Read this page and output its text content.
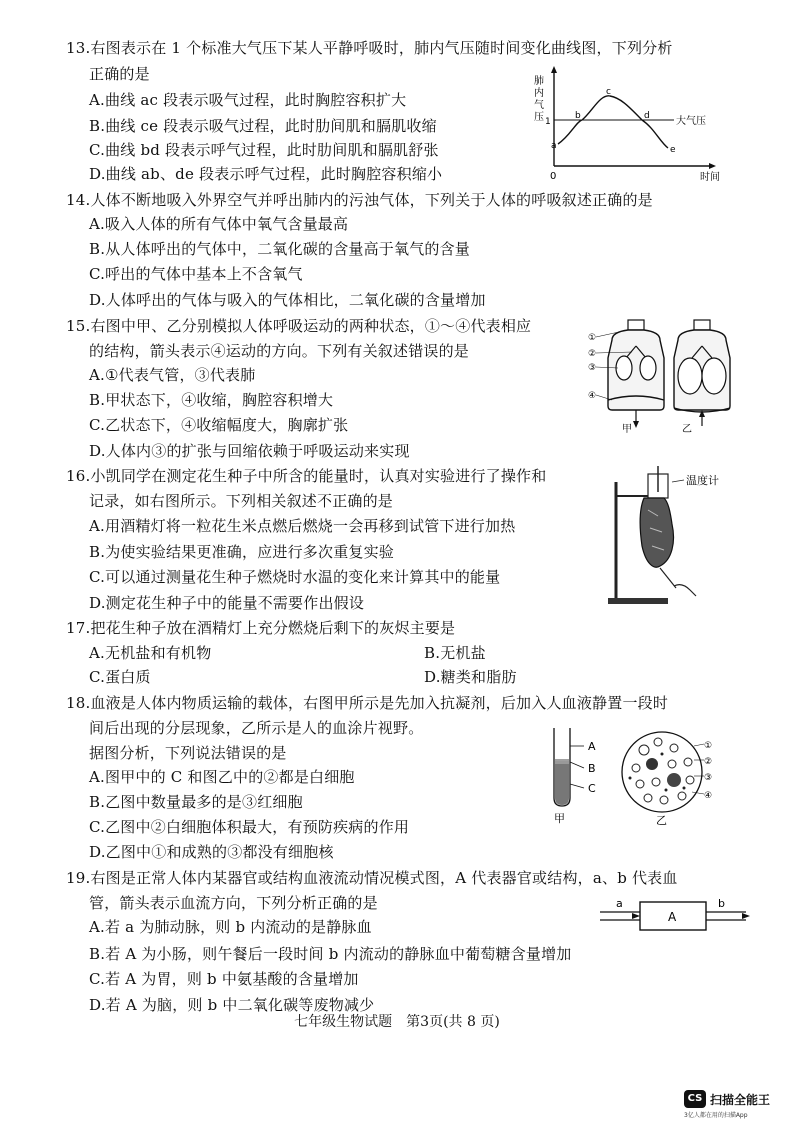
13.右图表示在 1 个标准大气压下某人平静呼吸时，肺内气压随时间变化曲线图，下列分析
正确的是
A.曲线 ac 段表示吸气过程，此时胸腔容积扩大
B.曲线 ce 段表示吸气过程，此时肋间肌和膈肌收缩
C.曲线 bd 段表示呼气过程，此时肋间肌和膈肌舒张
D.曲线 ab、de 段表示呼气过程，此时胸腔容积缩小
肺
内
气
压 1
a
b
c
d
e
大气压
0	时间
14.人体不断地吸入外界空气并呼出肺内的污浊气体，下列关于人体的呼吸叙述正确的是
A.吸入人体的所有气体中氧气含量最高
B.从人体呼出的气体中，二氧化碳的含量高于氧气的含量
C.呼出的气体中基本上不含氧气
D.人体呼出的气体与吸入的气体相比，二氧化碳的含量增加
15.右图中甲、乙分别模拟人体呼吸运动的两种状态，①～④代表相应
的结构，箭头表示④运动的方向。下列有关叙述错误的是
A.①代表气管，③代表肺
B.甲状态下，④收缩，胸腔容积增大
C.乙状态下，④收缩幅度大，胸廓扩张
D.人体内③的扩张与回缩依赖于呼吸运动来实现
①
②
③
④
甲	乙
16.小凯同学在测定花生种子中所含的能量时，认真对实验进行了操作和
记录，如右图所示。下列相关叙述不正确的是
A.用酒精灯将一粒花生米点燃后燃烧一会再移到试管下进行加热
B.为使实验结果更准确，应进行多次重复实验
C.可以通过测量花生种子燃烧时水温的变化来计算其中的能量
D.测定花生种子中的能量不需要作出假设
温度计
17.把花生种子放在酒精灯上充分燃烧后剩下的灰烬主要是
A.无机盐和有机物	B.无机盐
C.蛋白质	D.糖类和脂肪
18.血液是人体内物质运输的载体，右图甲所示是先加入抗凝剂，后加入人血液静置一段时
间后出现的分层现象，乙所示是人的血涂片视野。
据图分析，下列说法错误的是
A.图甲中的 C 和图乙中的②都是白细胞
B.乙图中数量最多的是③红细胞
C.乙图中②白细胞体积最大，有预防疾病的作用
D.乙图中①和成熟的③都没有细胞核
A
B
C
甲
①
②
③
④
乙
19.右图是正常人体内某器官或结构血液流动情况模式图，A 代表器官或结构，a、b 代表血
管，箭头表示血流方向，下列分析正确的是
A.若 a 为肺动脉，则 b 内流动的是静脉血
B.若 A 为小肠，则午餐后一段时间 b 内流动的静脉血中葡萄糖含量增加
C.若 A 为胃，则 b 中氨基酸的含量增加
D.若 A 为脑，则 b 中二氧化碳等废物减少
a	b
A
七年级生物试题　第3页(共 8 页)
CS 扫描全能王
3亿人都在用的扫描App
